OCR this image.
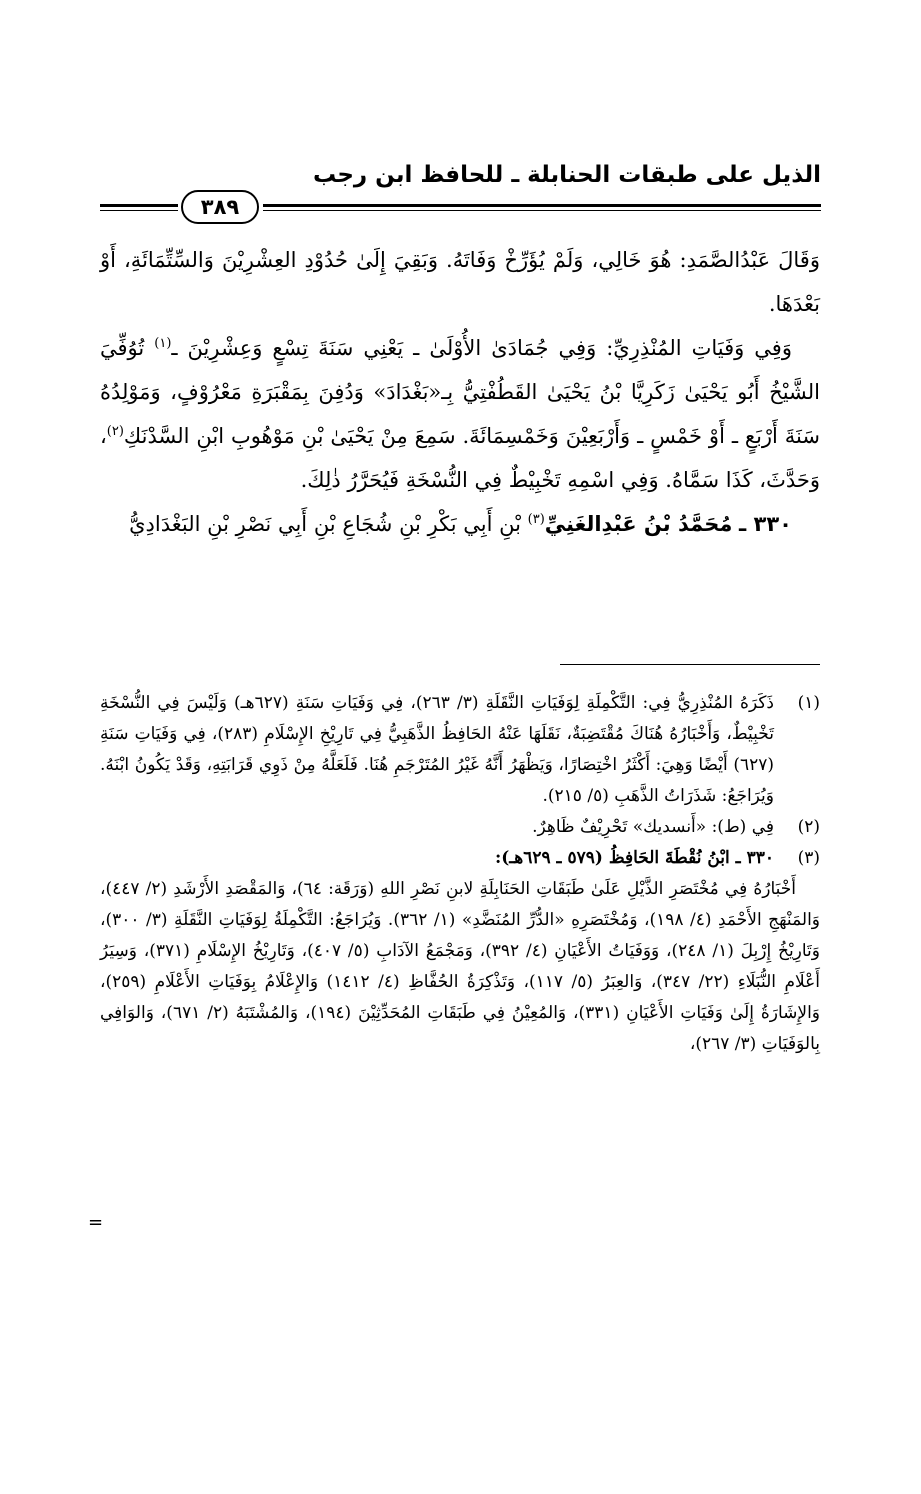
الذيل على طبقات الحنابلة ـ للحافظ ابن رجب
٣٨٩

وَقَالَ عَبْدُالصَّمَدِ: هُوَ خَالِي، وَلَمْ يُؤَرِّخْ وَفَاتَهُ. وَبَقِيَ إِلَىٰ حُدُوْدِ العِشْرِيْنَ وَالسِّتِّمَائَةِ، أَوْ بَعْدَهَا.

وَفِي وَفَيَاتِ المُنْذِرِيِّ: وَفِي جُمَادَىٰ الأُوْلَىٰ ـ يَعْنِي سَنَةَ تِسْعٍ وَعِشْرِيْنَ ـ$^{(١)}$ تُوُفِّيَ الشَّيْخُ أَبُو يَحْيَىٰ زَكَرِيَّا بْنُ يَحْيَىٰ القَطُفْتِيُّ بِـ«بَغْدَادَ» وَدُفِنَ بِمَقْبَرَةِ مَعْرُوْفٍ، وَمَوْلِدُهُ سَنَةَ أَرْبَعٍ ـ أَوْ خَمْسٍ ـ وَأَرْبَعِيْنَ وَخَمْسِمَائَةَ. سَمِعَ مِنْ يَحْيَىٰ بْنِ مَوْهُوبِ ابْنِ السَّدْنَكِ$^{(٢)}$، وَحَدَّثَ، كَذَا سَمَّاهُ. وَفِي اسْمِهِ تَخْبِيْطٌ فِي النُّسْخَةِ فَيُحَرَّرُ ذٰلِكَ.

٣٣٠ ـ مُحَمَّدُ بْنُ عَبْدِالغَنِيِّ$^{(٣)}$ بْنِ أَبِي بَكْرِ بْنِ شُجَاعِ بْنِ أَبِي نَصْرِ بْنِ البَغْدَادِيُّ

(١)
ذَكَرَهُ المُنْذِرِيُّ فِي: التَّكْمِلَةِ لِوَفَيَاتِ النَّقَلَةِ (٣/ ٢٦٣)، فِي وَفَيَاتِ سَنَةِ (٦٢٧هـ) وَلَيْسَ فِي النُّسْخَةِ تَخْبِيْطٌ، وَأَخْبَارُهُ هُنَاكَ مُقْتَضِبَةٌ، نَقَلَهَا عَنْهُ الحَافِظُ الذَّهَبِيُّ فِي تَارِيْخِ الإِسْلَامِ (٢٨٣)، فِي وَفَيَاتِ سَنَةِ (٦٢٧) أَيْضًا وَهِيَ: أَكْثَرُ اخْتِصَارًا، وَيَظْهَرُ أَنَّهُ غَيْرُ المُتَرْجَمِ هُنَا. فَلَعَلَّهُ مِنْ ذَوِي قَرَابَتِهِ، وَقَدْ يَكُونُ ابْنَهُ. وَيُرَاجَعُ: شَذَرَاتُ الذَّهَبِ (٥/ ٢١٥).
(٢)
فِي (ط): «أَنسديك» تَحْرِيْفٌ ظَاهِرٌ.
(٣)
٣٣٠ ـ ابْنُ نُقْطَةَ الحَافِظُ (٥٧٩ ـ ٦٢٩هـ):

أَخْبَارُهُ فِي مُخْتَصَرِ الذَّيْلِ عَلَىٰ طَبَقَاتِ الحَنَابِلَةِ لابنِ نَصْرِ اللهِ (وَرَقَة: ٦٤)، وَالمَقْصَدِ الأَرْشَدِ (٢/ ٤٤٧)، وَالمَنْهَجِ الأَحْمَدِ (٤/ ١٩٨)، وَمُخْتَصَرِهِ «الدُّرِّ المُنَضَّدِ» (١/ ٣٦٢). وَيُرَاجَعُ: التَّكْمِلَةُ لِوَفَيَاتِ النَّقَلَةِ (٣/ ٣٠٠)، وَتَارِيْخُ إِرْبِلَ (١/ ٢٤٨)، وَوَفَيَاتُ الأَعْيَانِ (٤/ ٣٩٢)، وَمَجْمَعُ الآدَابِ (٥/ ٤٠٧)، وَتَارِيْخُ الإِسْلَامِ (٣٧١)، وَسِيَرُ أَعْلَامِ النُّبَلَاءِ (٢٢/ ٣٤٧)، وَالعِبَرُ (٥/ ١١٧)، وَتَذْكِرَةُ الحُفَّاظِ (٤/ ١٤١٢) وَالإِعْلَامُ بِوَفَيَاتِ الأَعْلَامِ (٢٥٩)، وَالإِشَارَةُ إِلَىٰ وَفَيَاتِ الأَعْيَانِ (٣٣١)، وَالمُعِيْنُ فِي طَبَقَاتِ المُحَدِّثِيْنَ (١٩٤)، وَالمُشْتَبَهُ (٢/ ٦٧١)، وَالوَافِي بِالوَفَيَاتِ (٣/ ٢٦٧)،

=
